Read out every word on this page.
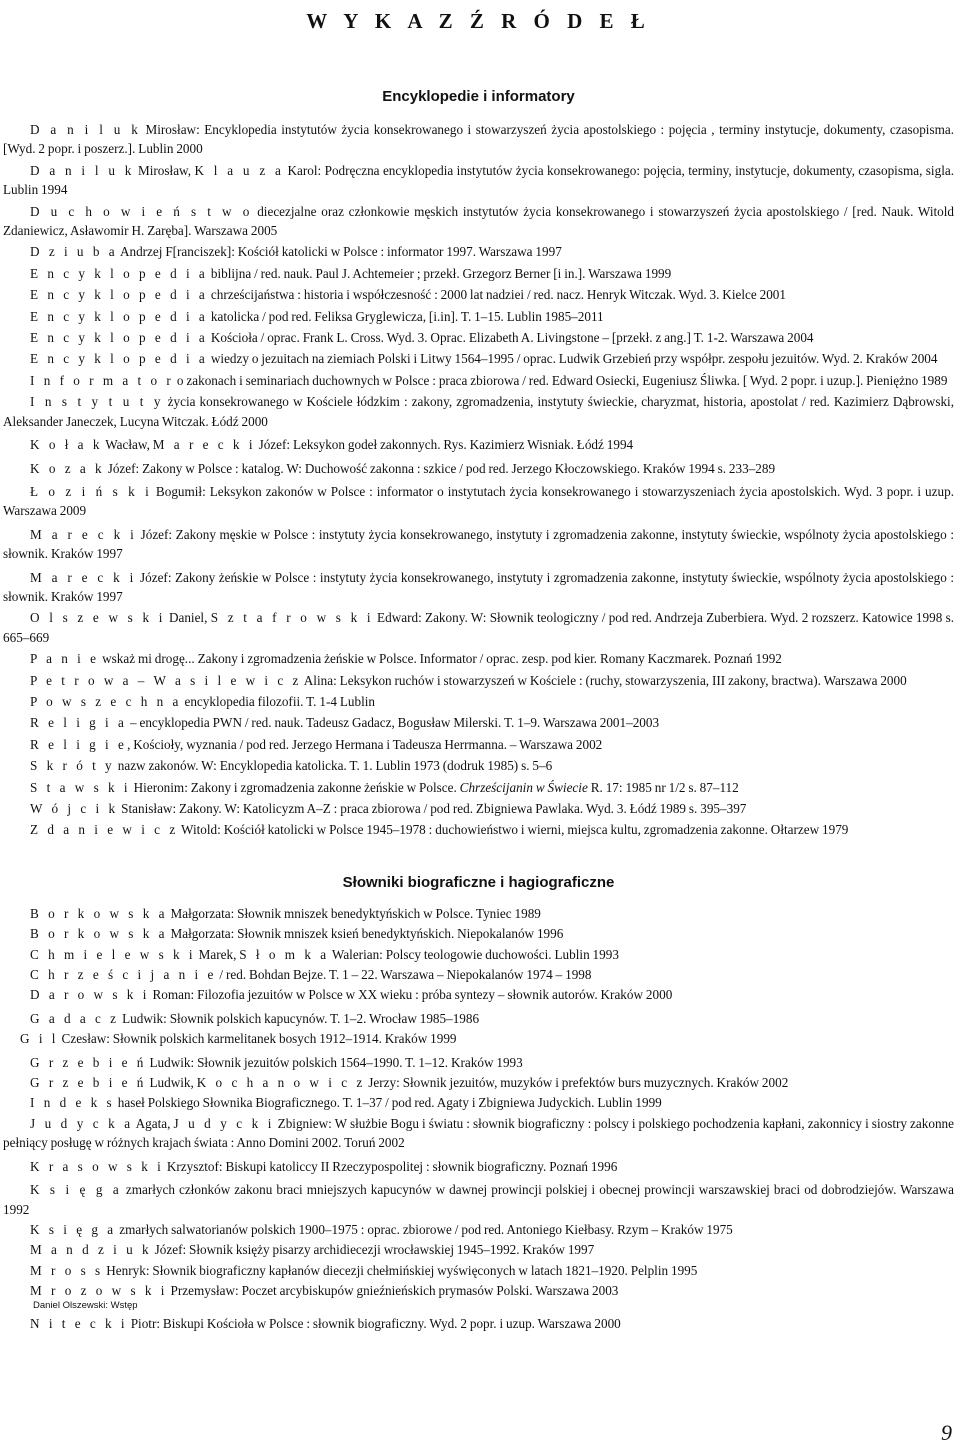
W Y K A Z Ź R Ó D E Ł
Encyklopedie i informatory

D a n i l u k Mirosław: Encyklopedia instytutów życia konsekrowanego i stowarzyszeń życia apostolskiego : pojęcia , terminy instytucje, dokumenty, czasopisma. [Wyd. 2 popr. i poszerz.]. Lublin 2000

D a n i l u k Mirosław, K l a u z a Karol: Podręczna encyklopedia instytutów życia konsekrowanego: pojęcia, terminy, instytucje, dokumenty, czasopisma, sigla. Lublin 1994

D u c h o w i e ń s t w o diecezjalne oraz członkowie męskich instytutów życia konsekrowanego i stowarzyszeń życia apostolskiego / [red. Nauk. Witold Zdaniewicz, Asławomir H. Zaręba]. Warszawa 2005

D z i u b a Andrzej F[ranciszek]: Kościół katolicki w Polsce : informator 1997. Warszawa 1997

E n c y k l o p e d i a biblijna / red. nauk. Paul J. Achtemeier ; przekł. Grzegorz Berner [i in.]. Warszawa 1999

E n c y k l o p e d i a chrześcijaństwa : historia i współczesność : 2000 lat nadziei / red. nacz. Henryk Witczak. Wyd. 3. Kielce 2001

E n c y k l o p e d i a katolicka / pod red. Feliksa Gryglewicza, [i.in]. T. 1–15. Lublin 1985–2011

E n c y k l o p e d i a Kościoła / oprac. Frank L. Cross. Wyd. 3. Oprac. Elizabeth A. Livingstone – [przekł. z ang.] T. 1-2. Warszawa 2004

E n c y k l o p e d i a wiedzy o jezuitach na ziemiach Polski i Litwy 1564–1995 / oprac. Ludwik Grzebień przy współpr. zespołu jezuitów. Wyd. 2. Kraków 2004

I n f o r m a t o r o zakonach i seminariach duchownych w Polsce : praca zbiorowa / red. Edward Osiecki, Eugeniusz Śliwka. [ Wyd. 2 popr. i uzup.]. Pieniężno 1989

I n s t y t u t y życia konsekrowanego w Kościele łódzkim : zakony, zgromadzenia, instytuty świeckie, charyzmat, historia, apostolat / red. Kazimierz Dąbrowski, Aleksander Janeczek, Lucyna Witczak. Łódź 2000

K o ł a k Wacław, M a r e c k i Józef: Leksykon godeł zakonnych. Rys. Kazimierz Wisniak. Łódź 1994

K o z a k Józef: Zakony w Polsce : katalog. W: Duchowość zakonna : szkice / pod red. Jerzego Kłoczowskiego. Kraków 1994 s. 233–289

Ł o z i ń s k i Bogumił: Leksykon zakonów w Polsce : informator o instytutach życia konsekrowanego i stowarzyszeniach życia apostolskich. Wyd. 3 popr. i uzup. Warszawa 2009

M a r e c k i Józef: Zakony męskie w Polsce : instytuty życia konsekrowanego, instytuty i zgromadzenia zakonne, instytuty świeckie, wspólnoty życia apostolskiego : słownik. Kraków 1997

M a r e c k i Józef: Zakony żeńskie w Polsce : instytuty życia konsekrowanego, instytuty i zgromadzenia zakonne, instytuty świeckie, wspólnoty życia apostolskiego : słownik. Kraków 1997

O l s z e w s k i Daniel, S z t a f r o w s k i Edward: Zakony. W: Słownik teologiczny / pod red. Andrzeja Zuberbiera. Wyd. 2 rozszerz. Katowice 1998 s. 665–669

P a n i e wskaż mi drogę... Zakony i zgromadzenia żeńskie w Polsce. Informator / oprac. zesp. pod kier. Romany Kaczmarek. Poznań 1992

P e t r o w a – W a s i l e w i c z Alina: Leksykon ruchów i stowarzyszeń w Kościele : (ruchy, stowarzyszenia, III zakony, bractwa). Warszawa 2000

P o w s z e c h n a encyklopedia filozofii. T. 1-4 Lublin

R e l i g i a – encyklopedia PWN / red. nauk. Tadeusz Gadacz, Bogusław Milerski. T. 1–9. Warszawa 2001–2003

R e l i g i e, Kościoły, wyznania / pod red. Jerzego Hermana i Tadeusza Herrmanna. – Warszawa 2002

S k r ó t y nazw zakonów. W: Encyklopedia katolicka. T. 1. Lublin 1973 (dodruk 1985) s. 5–6

S t a w s k i Hieronim: Zakony i zgromadzenia zakonne żeńskie w Polsce. Chrześcijanin w Świecie R. 17: 1985 nr 1/2 s. 87–112

W ó j c i k Stanisław: Zakony. W: Katolicyzm A–Z : praca zbiorowa / pod red. Zbigniewa Pawlaka. Wyd. 3. Łódź 1989 s. 395–397

Z d a n i e w i c z Witold: Kościół katolicki w Polsce 1945–1978 : duchowieństwo i wierni, miejsca kultu, zgromadzenia zakonne. Ołtarzew 1979

Słowniki biograficzne i hagiograficzne

B o r k o w s k a Małgorzata: Słownik mniszek benedyktyńskich w Polsce. Tyniec 1989

B o r k o w s k a Małgorzata: Słownik mniszek ksień benedyktyńskich. Niepokalanów 1996

C h m i e l e w s k i Marek, S ł o m k a Walerian: Polscy teologowie duchowości. Lublin 1993

C h r z e ś c i j a n i e / red. Bohdan Bejze. T. 1 – 22. Warszawa – Niepokalanów 1974 – 1998

D a r o w s k i Roman: Filozofia jezuitów w Polsce w XX wieku : próba syntezy – słownik autorów. Kraków 2000

G a d a c z Ludwik: Słownik polskich kapucynów. T. 1–2. Wrocław 1985–1986

G i l Czesław: Słownik polskich karmelitanek bosych 1912–1914. Kraków 1999

G r z e b i e ń Ludwik: Słownik jezuitów polskich 1564–1990. T. 1–12. Kraków 1993

G r z e b i e ń Ludwik, K o c h a n o w i c z Jerzy: Słownik jezuitów, muzyków i prefektów burs muzycznych. Kraków 2002

I n d e k s haseł Polskiego Słownika Biograficznego. T. 1–37 / pod red. Agaty i Zbigniewa Judyckich. Lublin 1999

J u d y c k a Agata, J u d y c k i Zbigniew: W służbie Bogu i światu : słownik biograficzny : polscy i polskiego pochodzenia kapłani, zakonnicy i siostry zakonne pełniący posługę w różnych krajach świata : Anno Domini 2002. Toruń 2002

K r a s o w s k i Krzysztof: Biskupi katoliccy II Rzeczypospolitej : słownik biograficzny. Poznań 1996

K s i ę g a zmarłych członków zakonu braci mniejszych kapucynów w dawnej prowincji polskiej i obecnej prowincji warszawskiej braci od dobrodziejów. Warszawa 1992

K s i ę g a zmarłych salwatorianów polskich 1900–1975 : oprac. zbiorowe / pod red. Antoniego Kiełbasy. Rzym – Kraków 1975

M a n d z i u k Józef: Słownik księży pisarzy archidiecezji wrocławskiej 1945–1992. Kraków 1997

M r o s s Henryk: Słownik biograficzny kapłanów diecezji chełmińskiej wyświęconych w latach 1821–1920. Pelplin 1995

M r o z o w s k i Przemysław: Poczet arcybiskupów gnieźnieńskich prymasów Polski. Warszawa 2003

Daniel Olszewski: Wstęp

N i t e c k i Piotr: Biskupi Kościoła w Polsce : słownik biograficzny. Wyd. 2 popr. i uzup. Warszawa 2000

9
